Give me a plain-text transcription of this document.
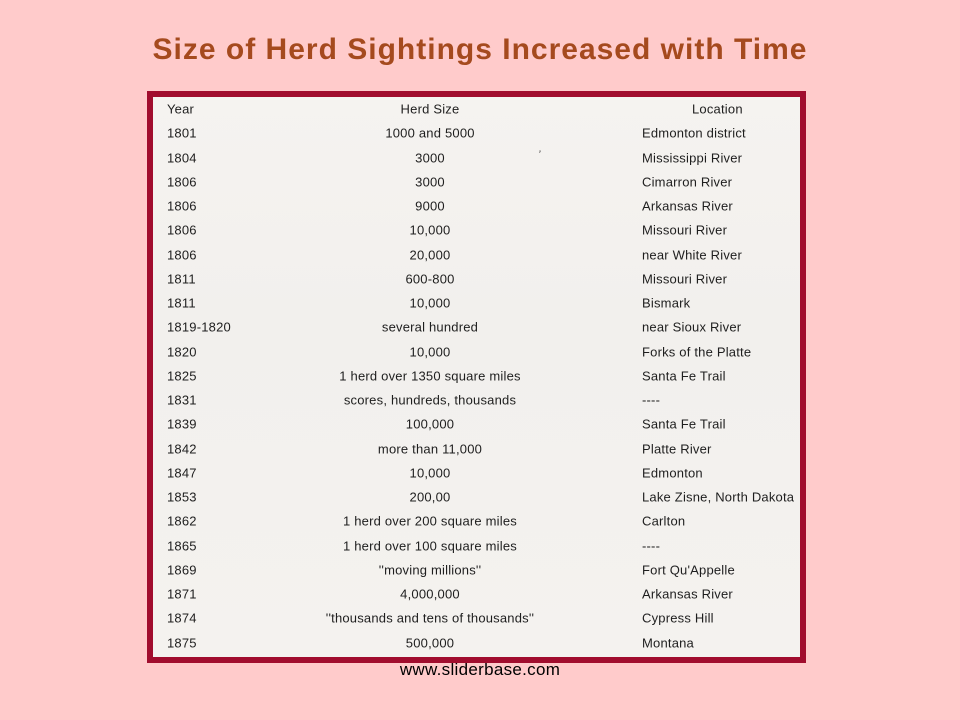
Size of Herd Sightings Increased with Time
Year	Herd Size	Location
1801	1000 and 5000	Edmonton district
1804	3000	Mississippi River
1806	3000	Cimarron River
1806	9000	Arkansas River
1806	10,000	Missouri River
1806	20,000	near White River
1811	600-800	Missouri River
1811	10,000	Bismark
1819-1820	several hundred	near Sioux River
1820	10,000	Forks of the Platte
1825	1 herd over 1350 square miles	Santa Fe Trail
1831	scores, hundreds, thousands	----
1839	100,000	Santa Fe Trail
1842	more than 11,000	Platte River
1847	10,000	Edmonton
1853	200,00	Lake Zisne, North Dakota
1862	1 herd over 200 square miles	Carlton
1865	1 herd over 100 square miles	----
1869	''moving millions''	Fort Qu'Appelle
1871	4,000,000	Arkansas River
1874	''thousands and tens of thousands''	Cypress Hill
1875	500,000	Montana
’
www.sliderbase.com
